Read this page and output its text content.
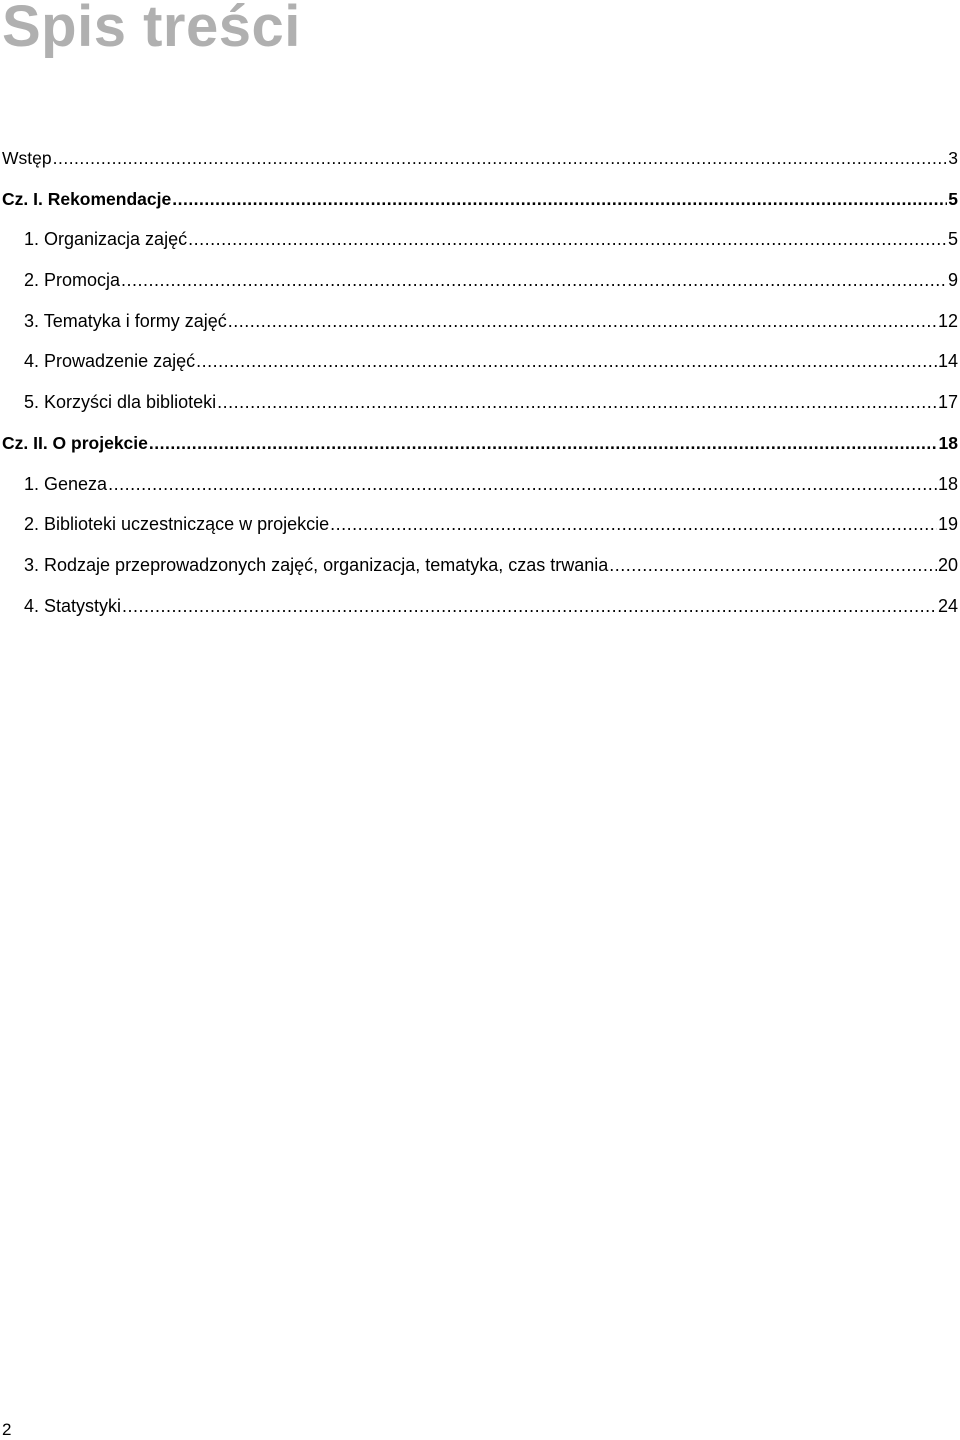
Spis treści
Wstęp .....	3
Cz. I. Rekomendacje .....	5
1. Organizacja zajęć .....	5
2. Promocja .....	9
3. Tematyka i formy zajęć .....	12
4. Prowadzenie zajęć .....	14
5. Korzyści dla biblioteki .....	17
Cz. II. O projekcie .....	18
1. Geneza .....	18
2. Biblioteki uczestniczące w projekcie .....	19
3. Rodzaje przeprowadzonych zajęć, organizacja, tematyka, czas trwania .....	20
4. Statystyki .....	24
2
